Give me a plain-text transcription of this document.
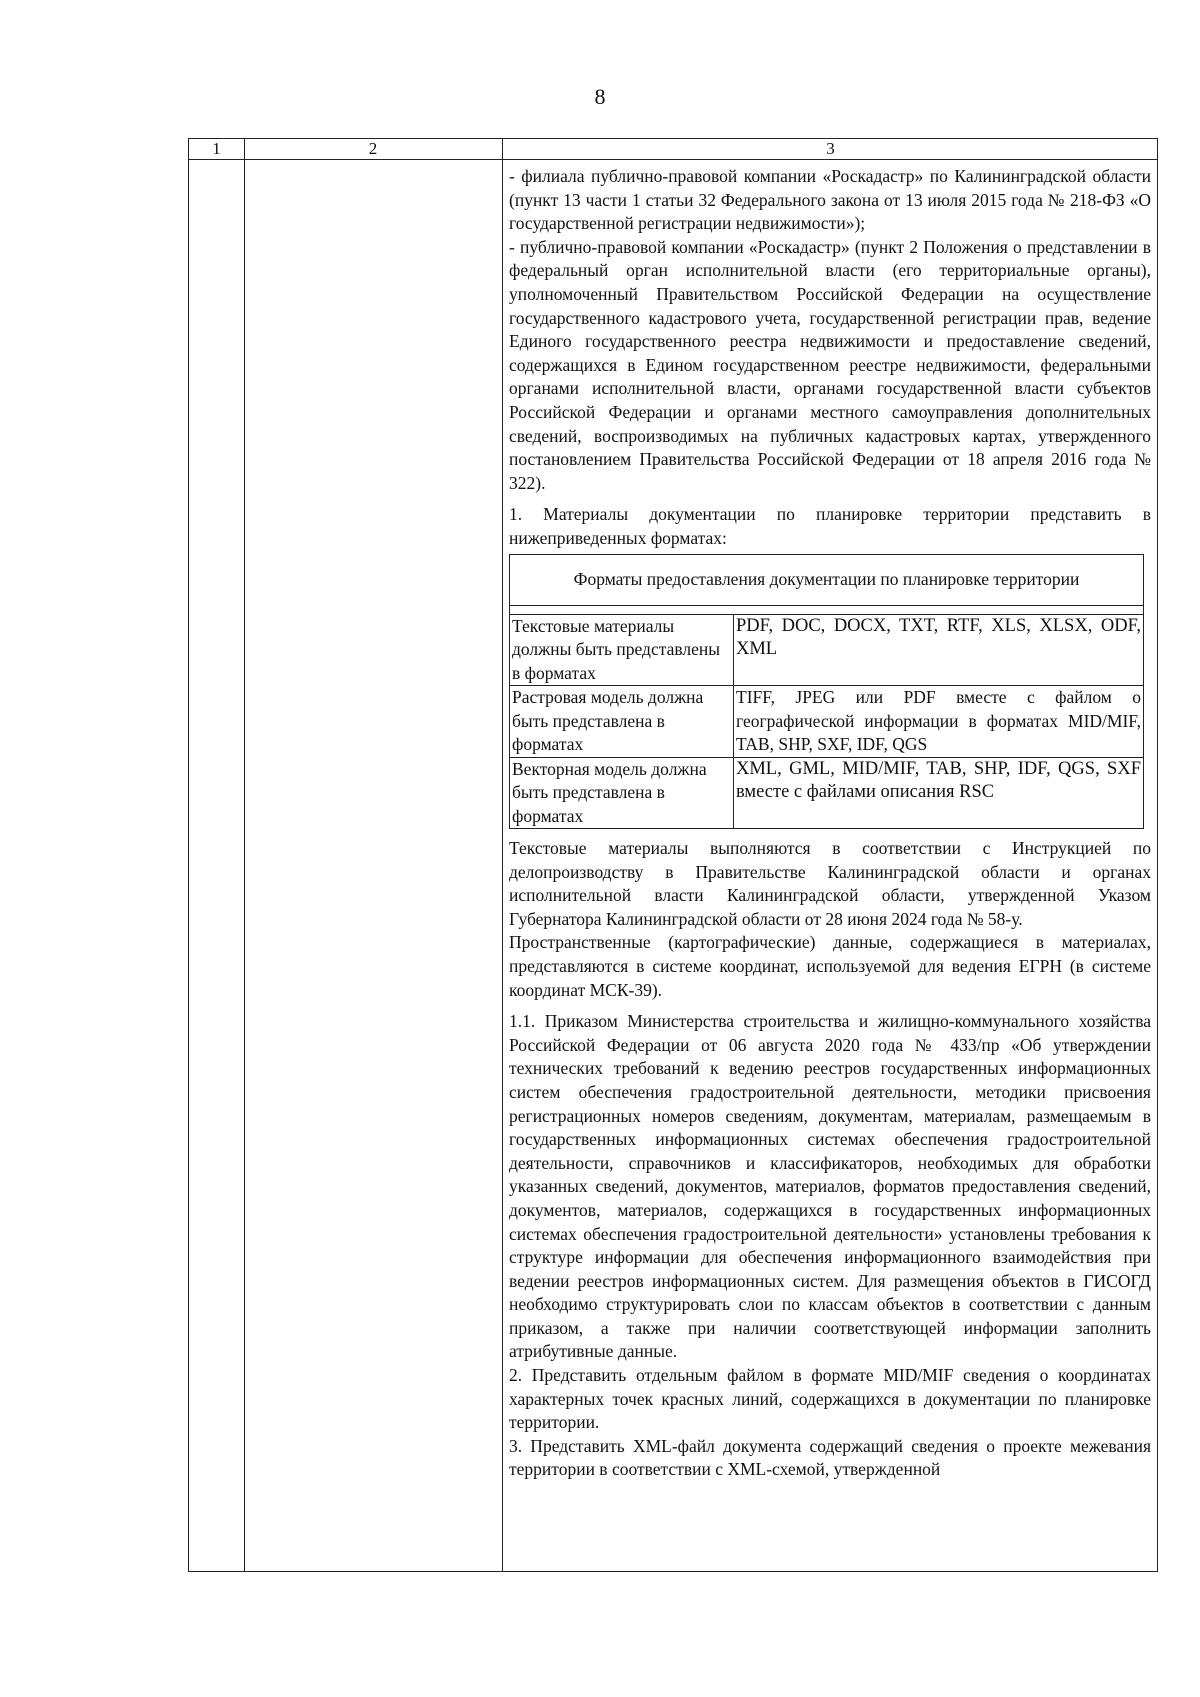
8
1	2	3

- филиала публично-правовой компании «Роскадастр» по Калининградской области (пункт 13 части 1 статьи 32 Федерального закона от 13 июля 2015 года № 218-ФЗ «О государственной регистрации недвижимости»);

- публично-правовой компании «Роскадастр» (пункт 2 Положения о представлении в федеральный орган исполнительной власти (его территориальные органы), уполномоченный Правительством Российской Федерации на осуществление государственного кадастрового учета, государственной регистрации прав, ведение Единого государственного реестра недвижимости и предоставление сведений, содержащихся в Едином государственном реестре недвижимости, федеральными органами исполнительной власти, органами государственной власти субъектов Российской Федерации и органами местного самоуправления дополнительных сведений, воспроизводимых на публичных кадастровых картах, утвержденного постановлением Правительства Российской Федерации от 18 апреля 2016 года № 322).

1. Материалы документации по планировке территории представить в нижеприведенных форматах:

Форматы предоставления документации по планировке территории
Текстовые материалы должны быть представлены в форматах	PDF, DOC, DOCX, TXT, RTF, XLS, XLSX, ODF, XML
Растровая модель должна быть представлена в форматах	TIFF, JPEG или PDF вместе с файлом о географической информации в форматах MID/MIF, TAB, SHP, SXF, IDF, QGS
Векторная модель должна быть представлена в форматах	XML, GML, MID/MIF, TAB, SHP, IDF, QGS, SXF вместе с файлами описания RSC

Текстовые материалы выполняются в соответствии с Инструкцией по делопроизводству в Правительстве Калининградской области и органах исполнительной власти Калининградской области, утвержденной Указом Губернатора Калининградской области от 28 июня 2024 года № 58-у.

Пространственные (картографические) данные, содержащиеся в материалах, представляются в системе координат, используемой для ведения ЕГРН (в системе координат МСК-39).

1.1. Приказом Министерства строительства и жилищно-коммунального хозяйства Российской Федерации от 06 августа 2020 года № 433/пр «Об утверждении технических требований к ведению реестров государственных информационных систем обеспечения градостроительной деятельности, методики присвоения регистрационных номеров сведениям, документам, материалам, размещаемым в государственных информационных системах обеспечения градостроительной деятельности, справочников и классификаторов, необходимых для обработки указанных сведений, документов, материалов, форматов предоставления сведений, документов, материалов, содержащихся в государственных информационных системах обеспечения градостроительной деятельности» установлены требования к структуре информации для обеспечения информационного взаимодействия при ведении реестров информационных систем. Для размещения объектов в ГИСОГД необходимо структурировать слои по классам объектов в соответствии с данным приказом, а также при наличии соответствующей информации заполнить атрибутивные данные.

2. Представить отдельным файлом в формате MID/MIF сведения о координатах характерных точек красных линий, содержащихся в документации по планировке территории.

3. Представить XML-файл документа содержащий сведения о проекте межевания территории в соответствии с XML-схемой, утвержденной
